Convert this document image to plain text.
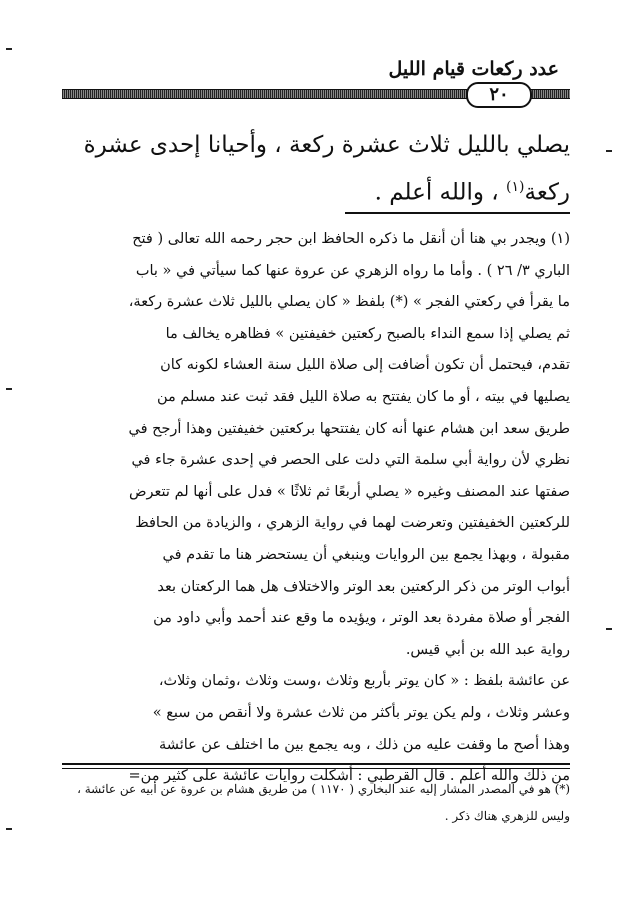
عدد ركعات قيام الليل
٢٠
يصلي بالليل ثلاث عشرة ركعة ، وأحيانا إحدى عشرة
ركعة$^{(١)}$ ، والله أعلم .

(١) ويجدر بي هنا أن أنقل ما ذكره الحافظ ابن حجر رحمه الله تعالى ( فتح

الباري ٣/ ٢٦ ) . وأما ما رواه الزهري عن عروة عنها كما سيأتي في « باب

ما يقرأ في ركعتي الفجر » (*) بلفظ « كان يصلي بالليل ثلاث عشرة ركعة،

ثم يصلي إذا سمع النداء بالصبح ركعتين خفيفتين » فظاهره يخالف ما

تقدم، فيحتمل أن تكون أضافت إلى صلاة الليل سنة العشاء لكونه كان

يصليها في بيته ، أو ما كان يفتتح به صلاة الليل فقد ثبت عند مسلم من

طريق سعد ابن هشام عنها أنه كان يفتتحها بركعتين خفيفتين وهذا أرجح في

نظري لأن رواية أبي سلمة التي دلت على الحصر في إحدى عشرة جاء في

صفتها عند المصنف وغيره « يصلي أربعًا ثم ثلاثًا » فدل على أنها لم تتعرض

للركعتين الخفيفتين وتعرضت لهما في رواية الزهري ، والزيادة من الحافظ

مقبولة ، وبهذا يجمع بين الروايات وينبغي أن يستحضر هنا ما تقدم في

أبواب الوتر من ذكر الركعتين بعد الوتر والاختلاف هل هما الركعتان بعد

الفجر أو صلاة مفردة بعد الوتر ، ويؤيده ما وقع عند أحمد وأبي داود من

رواية عبد الله بن أبي قيس.

عن عائشة بلفظ : « كان يوتر بأربع وثلاث ،وست وثلاث ،وثمان وثلاث،

وعشر وثلاث ، ولم يكن يوتر بأكثر من ثلاث عشرة ولا أنقص من سبع »

وهذا أصح ما وقفت عليه من ذلك ، وبه يجمع بين ما اختلف عن عائشة

من ذلك والله أعلم . قال القرطبي : أشكلت روايات عائشة على كثير من=

(*) هو في المصدر المشار إليه عند البخاري ( ١١٧٠ ) من طريق هشام بن عروة عن أبيه عن عائشة ،

وليس للزهري هناك ذكر .
